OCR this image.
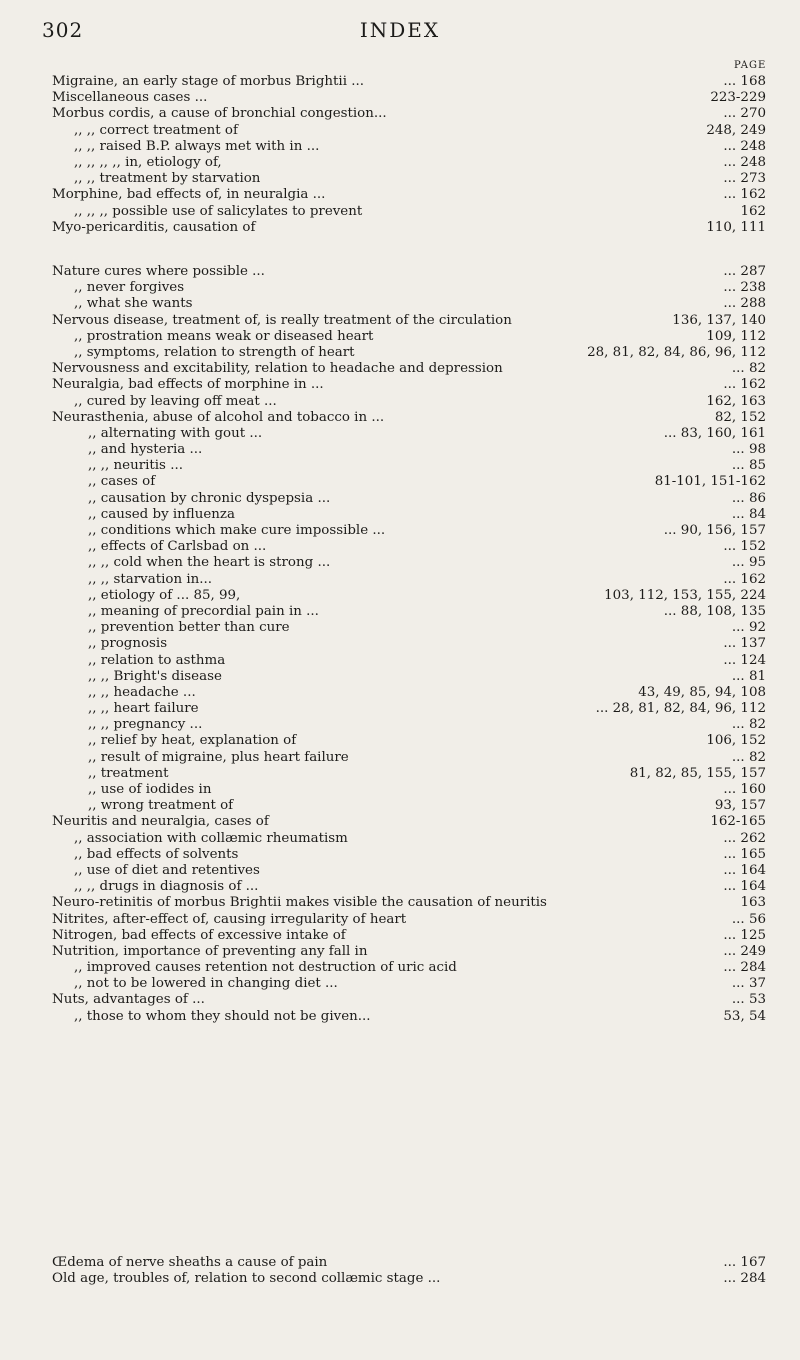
302	INDEX
PAGE
Migraine, an early stage of morbus Brightii ...	... 168
Miscellaneous cases ...	223-229
Morbus cordis, a cause of bronchial congestion...	... 270
,, ,, correct treatment of	248, 249
,, ,, raised B.P. always met with in ...	... 248
,, ,, ,, ,, in, etiology of,	... 248
,, ,, treatment by starvation	... 273
Morphine, bad effects of, in neuralgia ...	... 162
,, ,, ,, possible use of salicylates to prevent	162
Myo-pericarditis, causation of	110, 111
Nature cures where possible ...	... 287
,, never forgives	... 238
,, what she wants	... 288
Nervous disease, treatment of, is really treatment of the circulation	136, 137, 140
,, prostration means weak or diseased heart	109, 112
,, symptoms, relation to strength of heart	28, 81, 82, 84, 86, 96, 112
Nervousness and excitability, relation to headache and depression	... 82
Neuralgia, bad effects of morphine in ...	... 162
,, cured by leaving off meat ...	162, 163
Neurasthenia, abuse of alcohol and tobacco in ...	82, 152
,, alternating with gout ...	... 83, 160, 161
,, and hysteria ...	... 98
,, ,, neuritis ...	... 85
,, cases of	81-101, 151-162
,, causation by chronic dyspepsia ...	... 86
,, caused by influenza	... 84
,, conditions which make cure impossible ...	... 90, 156, 157
,, effects of Carlsbad on ...	... 152
,, ,, cold when the heart is strong ...	... 95
,, ,, starvation in...	... 162
,, etiology of ... 85, 99,	103, 112, 153, 155, 224
,, meaning of precordial pain in ...	... 88, 108, 135
,, prevention better than cure	... 92
,, prognosis	... 137
,, relation to asthma	... 124
,, ,, Bright's disease	... 81
,, ,, headache ...	43, 49, 85, 94, 108
,, ,, heart failure	... 28, 81, 82, 84, 96, 112
,, ,, pregnancy ...	... 82
,, relief by heat, explanation of	106, 152
,, result of migraine, plus heart failure	... 82
,, treatment	81, 82, 85, 155, 157
,, use of iodides in	... 160
,, wrong treatment of	93, 157
Neuritis and neuralgia, cases of	162-165
,, association with collæmic rheumatism	... 262
,, bad effects of solvents	... 165
,, use of diet and retentives	... 164
,, ,, drugs in diagnosis of ...	... 164
Neuro-retinitis of morbus Brightii makes visible the causation of neuritis	163
Nitrites, after-effect of, causing irregularity of heart	... 56
Nitrogen, bad effects of excessive intake of	... 125
Nutrition, importance of preventing any fall in	... 249
,, improved causes retention not destruction of uric acid	... 284
,, not to be lowered in changing diet ...	... 37
Nuts, advantages of ...	... 53
,, those to whom they should not be given...	53, 54
Œdema of nerve sheaths a cause of pain	... 167
Old age, troubles of, relation to second collæmic stage ...	... 284
